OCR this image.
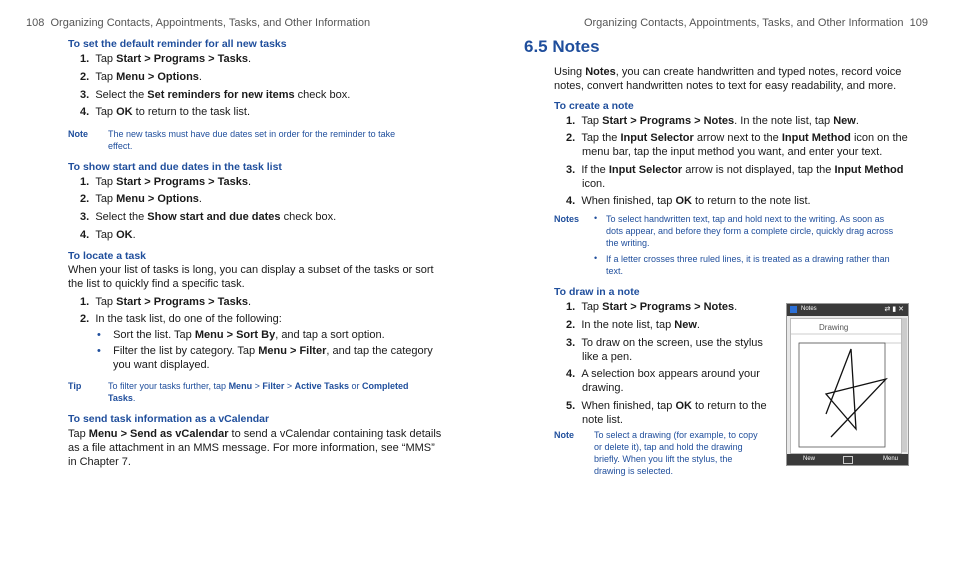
108 Organizing Contacts, Appointments, Tasks, and Other Information	Organizing Contacts, Appointments, Tasks, and Other Information 109
To set the default reminder for all new tasks
1. Tap Start > Programs > Tasks.
2. Tap Menu > Options.
3. Select the Set reminders for new items check box.
4. Tap OK to return to the task list.
Note The new tasks must have due dates set in order for the reminder to take
effect.
To show start and due dates in the task list
1. Tap Start > Programs > Tasks.
2. Tap Menu > Options.
3. Select the Show start and due dates check box.
4. Tap OK.
To locate a task
When your list of tasks is long, you can display a subset of the tasks or sort
the list to quickly find a specific task.
1. Tap Start > Programs > Tasks.
2. In the task list, do one of the following:
• Sort the list. Tap Menu > Sort By, and tap a sort option.
• Filter the list by category. Tap Menu > Filter, and tap the category
you want displayed.
Tip	To filter your tasks further, tap Menu > Filter > Active Tasks or Completed
Tasks.
To send task information as a vCalendar
Tap Menu > Send as vCalendar to send a vCalendar containing task details
as a file attachment in an MMS message. For more information, see “MMS”
in Chapter 7.
6.5 Notes
Using Notes, you can create handwritten and typed notes, record voice
notes, convert handwritten notes to text for easy readability, and more.
To create a note
1. Tap Start > Programs > Notes. In the note list, tap New.
2. Tap the Input Selector arrow next to the Input Method icon on the
menu bar, tap the input method you want, and enter your text.
3. If the Input Selector arrow is not displayed, tap the Input Method
icon.
4. When finished, tap OK to return to the note list.
Notes • To select handwritten text, tap and hold next to the writing. As soon as
dots appear, and before they form a complete circle, quickly drag across
the writing.
• If a letter crosses three ruled lines, it is treated as a drawing rather than
text.
To draw in a note
1. Tap Start > Programs > Notes.
2. In the note list, tap New.
3. To draw on the screen, use the stylus
like a pen.
4. A selection box appears around your
drawing.
5. When finished, tap OK to return to the
note list.
Note To select a drawing (for example, to copy
or delete it), tap and hold the drawing
briefly. When you lift the stylus, the
drawing is selected.
Notes	⇄ ▮ ✕
Drawing
New	Menu
